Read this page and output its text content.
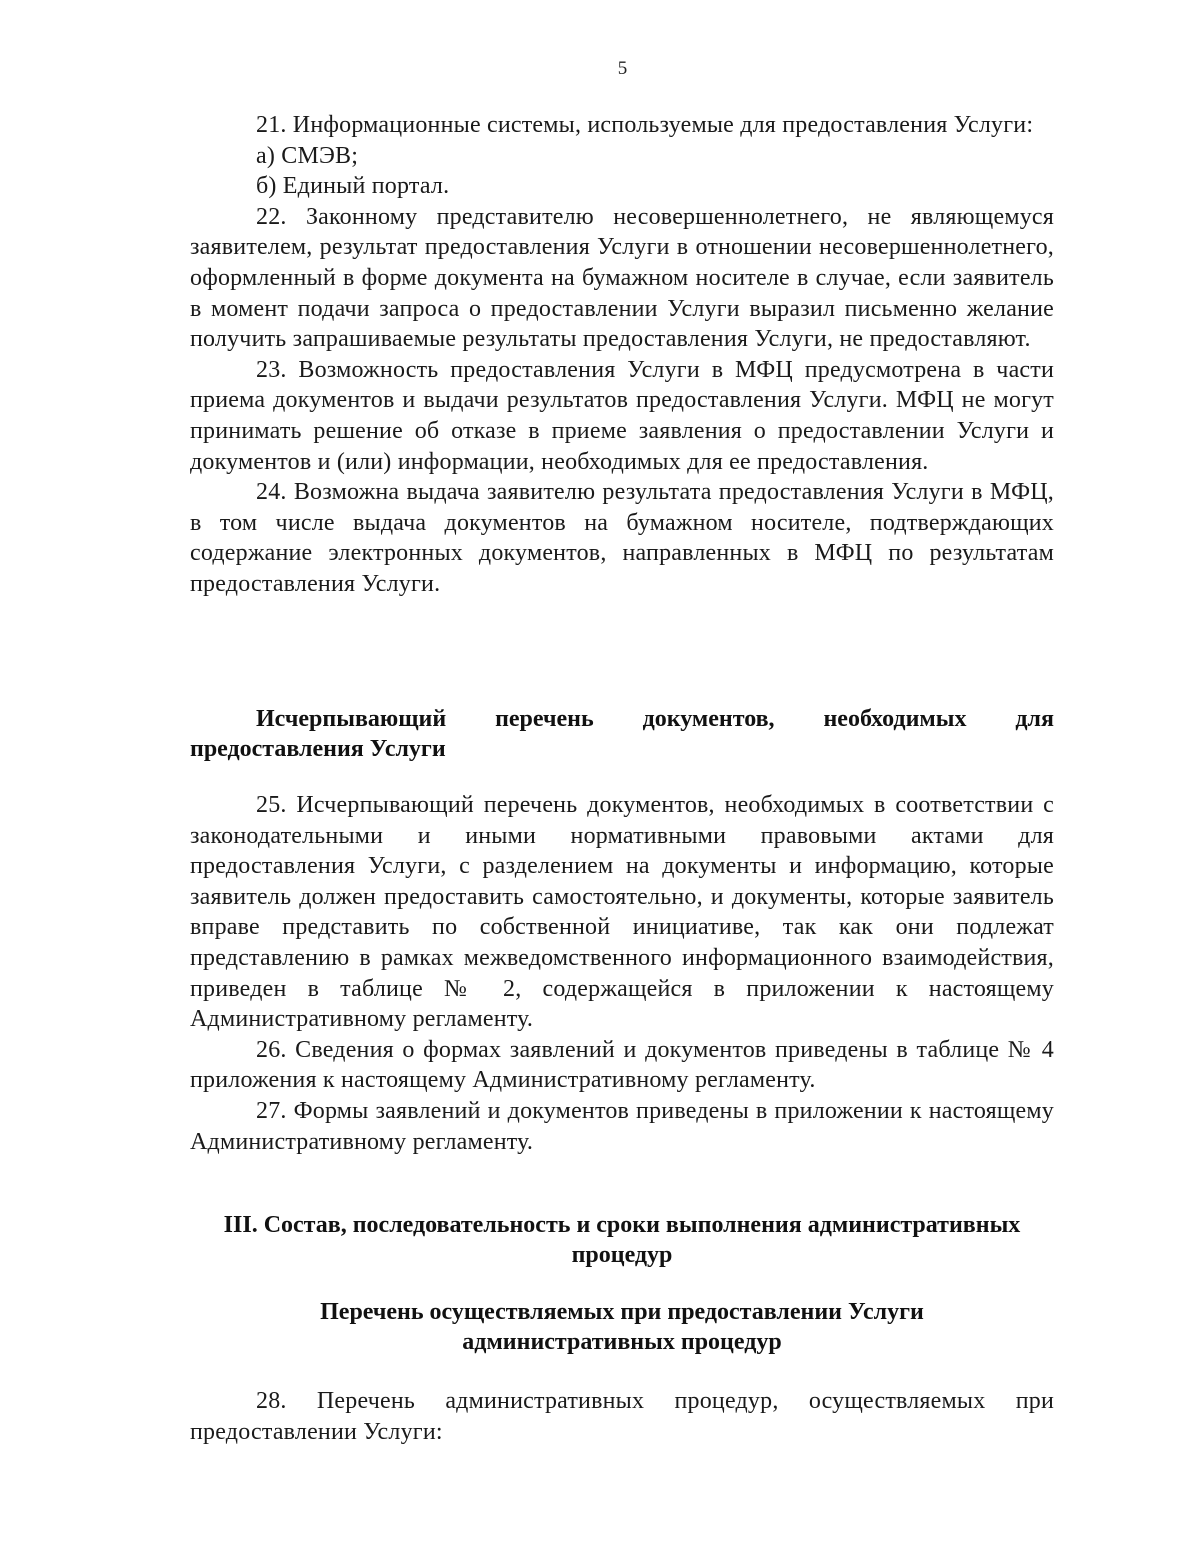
5

21. Информационные системы, используемые для предоставления Услуги:

а) СМЭВ;

б) Единый портал.

22. Законному представителю несовершеннолетнего, не являющемуся заявителем, результат предоставления Услуги в отношении несовершеннолетнего, оформленный в форме документа на бумажном носителе в случае, если заявитель в момент подачи запроса о предоставлении Услуги выразил письменно желание получить запрашиваемые результаты предоставления Услуги, не предоставляют.

23. Возможность предоставления Услуги в МФЦ предусмотрена в части приема документов и выдачи результатов предоставления Услуги. МФЦ не могут принимать решение об отказе в приеме заявления о предоставлении Услуги и документов и (или) информации, необходимых для ее предоставления.

24. Возможна выдача заявителю результата предоставления Услуги в МФЦ, в том числе выдача документов на бумажном носителе, подтверждающих содержание электронных документов, направленных в МФЦ по результатам предоставления Услуги.

Исчерпывающий перечень документов, необходимых для предоставления Услуги

25. Исчерпывающий перечень документов, необходимых в соответствии с законодательными и иными нормативными правовыми актами для предоставления Услуги, с разделением на документы и информацию, которые заявитель должен предоставить самостоятельно, и документы, которые заявитель вправе представить по собственной инициативе, так как они подлежат представлению в рамках межведомственного информационного взаимодействия, приведен в таблице № 2, содержащейся в приложении к настоящему Административному регламенту.

26. Сведения о формах заявлений и документов приведены в таблице № 4 приложения к настоящему Административному регламенту.

27. Формы заявлений и документов приведены в приложении к настоящему Административному регламенту.

III. Состав, последовательность и сроки выполнения административных процедур
Перечень осуществляемых при предоставлении Услуги административных процедур

28. Перечень административных процедур, осуществляемых при предоставлении Услуги:
